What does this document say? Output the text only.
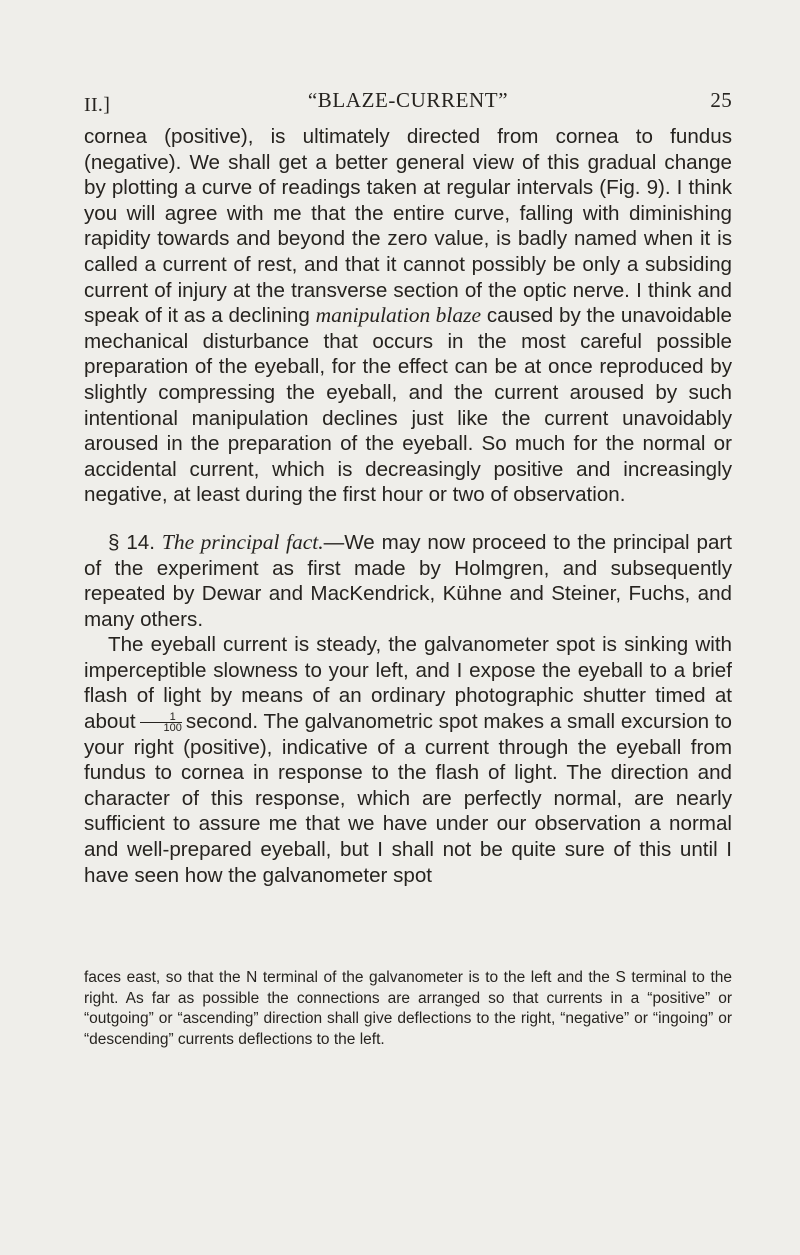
II.]	“BLAZE-CURRENT”	25

cornea (positive), is ultimately directed from cornea to fundus (negative). We shall get a better general view of this gradual change by plotting a curve of readings taken at regular intervals (Fig. 9). I think you will agree with me that the entire curve, falling with diminishing rapidity towards and beyond the zero value, is badly named when it is called a current of rest, and that it cannot possibly be only a subsiding current of injury at the transverse section of the optic nerve. I think and speak of it as a declining manipulation blaze caused by the unavoidable mechanical disturbance that occurs in the most careful possible preparation of the eyeball, for the effect can be at once reproduced by slightly compressing the eyeball, and the current aroused by such intentional manipulation declines just like the current unavoidably aroused in the preparation of the eyeball. So much for the normal or accidental current, which is decreasingly positive and increasingly negative, at least during the first hour or two of observation.

§ 14. The principal fact.—We may now proceed to the principal part of the experiment as first made by Holmgren, and subsequently repeated by Dewar and MacKendrick, Kühne and Steiner, Fuchs, and many others.

The eyeball current is steady, the galvanometer spot is sinking with imperceptible slowness to your left, and I expose the eyeball to a brief flash of light by means of an ordinary photographic shutter timed at about $\frac{1}{100}$ second. The galvanometric spot makes a small excursion to your right (positive), indicative of a current through the eyeball from fundus to cornea in response to the flash of light. The direction and character of this response, which are perfectly normal, are nearly sufficient to assure me that we have under our observation a normal and well-prepared eyeball, but I shall not be quite sure of this until I have seen how the galvanometer spot

faces east, so that the N terminal of the galvanometer is to the left and the S terminal to the right. As far as possible the connections are arranged so that currents in a “positive” or “outgoing” or “ascending” direction shall give deflections to the right, “negative” or “ingoing” or “descending” currents deflections to the left.
